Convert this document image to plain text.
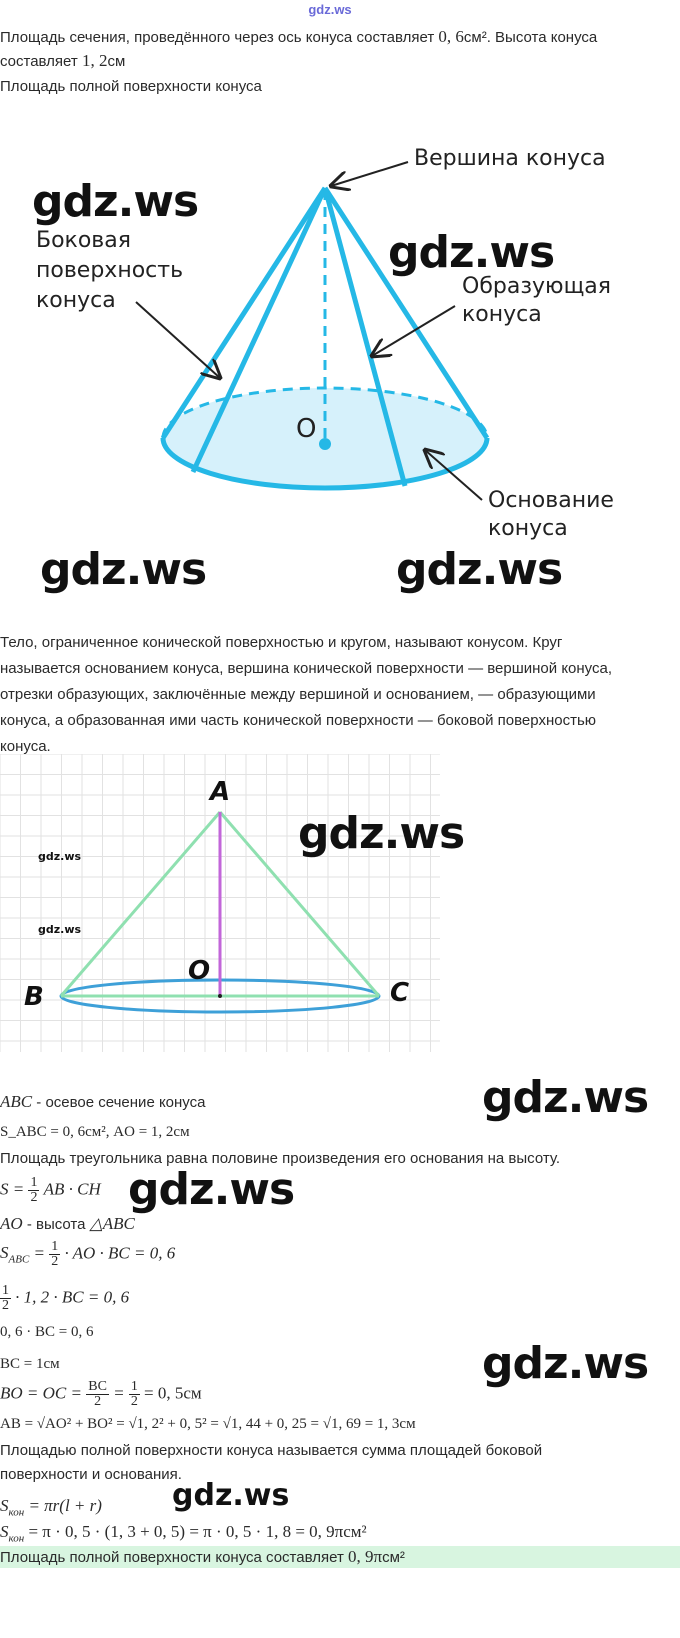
gdz.ws
Площадь сечения, проведённого через ось конуса составляет 0, 6см². Высота конуса
составляет 1, 2см
Площадь полной поверхности конуса
Вершина конуса
Боковая
поверхность
конуса
Образующая
конуса
O
Основание
конуса
gdz.ws
gdz.ws
gdz.ws	gdz.ws
Тело, ограниченное конической поверхностью и кругом, называют конусом. Круг
называется основанием конуса, вершина конической поверхности — вершиной конуса,
отрезки образующих, заключённые между вершиной и основанием, — образующими
конуса, а образованная ими часть конической поверхности — боковой поверхностью
конуса.
A
B	C
O
gdz.ws
gdz.ws
gdz.ws
ABC - осевое сечение конуса	gdz.ws
S_ABC = 0, 6см², AO = 1, 2см
Площадь треугольника равна половине произведения его основания на высоту.
$S = \frac{1}{2}$ AB · CH gdz.ws
AO - высота △ABC
$S_{ABC} = \frac{1}{2}$ · AO · BC = 0, 6
$\frac{1}{2} \cdot 1$, 2 · BC = 0, 6
0, 6 · BC = 0, 6
BC = 1см	gdz.ws
BO = OC = $\frac{BC}{2} = \frac{1}{2} = 0$, 5см
AB = √AO² + BO² = √1, 2² + 0, 5² = √1, 44 + 0, 25 = √1, 69 = 1, 3см
Площадью полной поверхности конуса называется сумма площадей боковой
поверхности и основания.
gdz.ws
$S_{кон} = \pi r(l + r)$
$S_{кон} = \pi \cdot 0$, 5 · (1, 3 + 0, 5) = π · 0, 5 · 1, 8 = 0, 9πсм²
Площадь полной поверхности конуса составляет 0, 9πсм²
